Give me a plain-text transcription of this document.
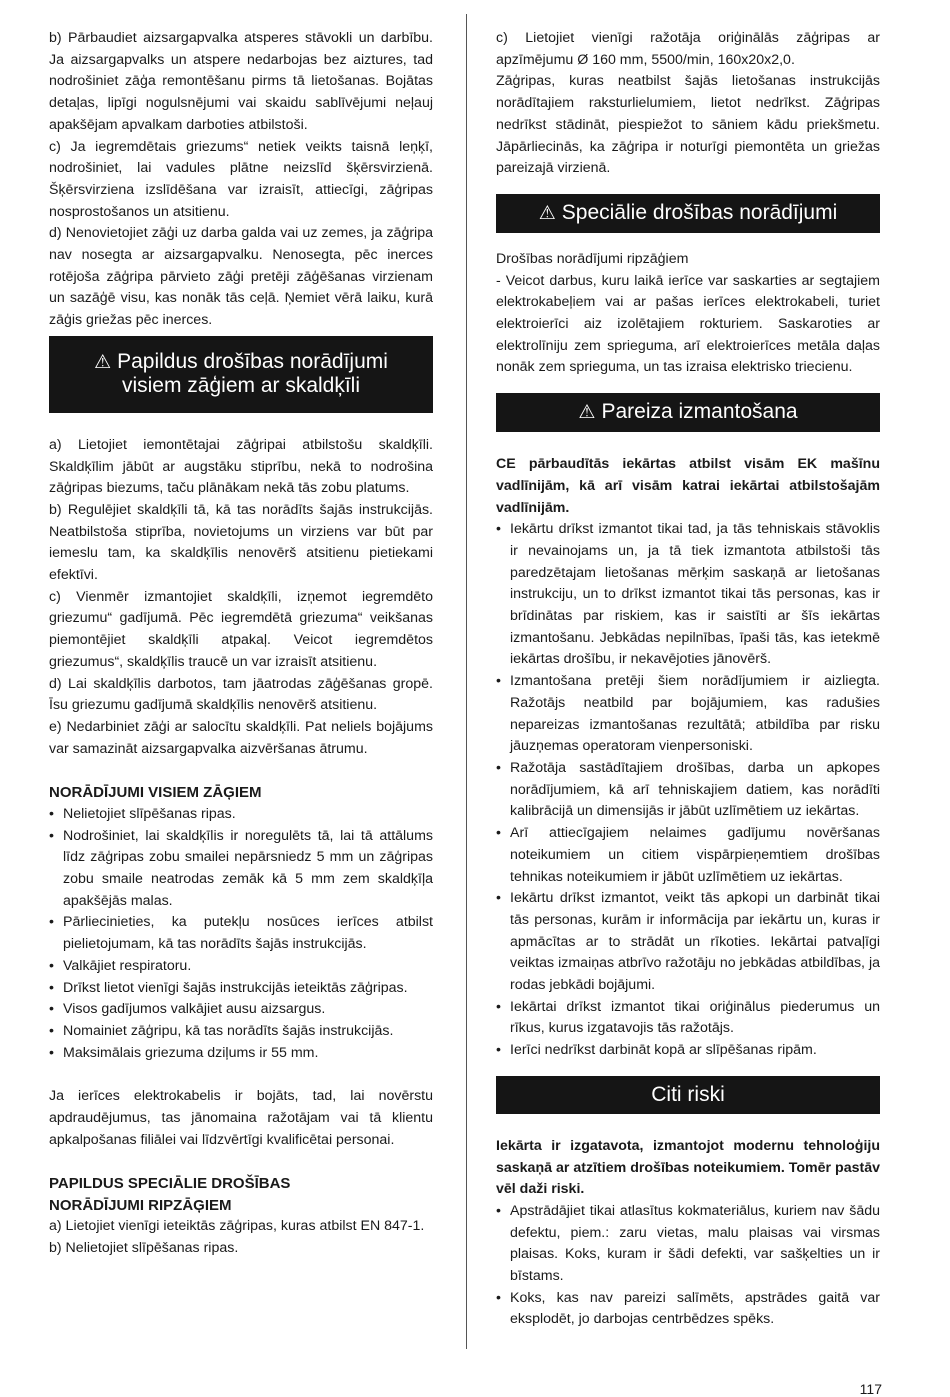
b) Pārbaudiet aizsargapvalka atsperes stāvokli un darbību. Ja aizsargapvalks un atspere nedarbojas bez aiztures, tad nodrošiniet zāģa remontēšanu pirms tā lietošanas. Bojātas detaļas, lipīgi nogulsnējumi vai skaidu sablīvējumi neļauj apakšējam apvalkam darboties atbilstoši.

c) Ja iegremdētais griezums“ netiek veikts taisnā leņķī, nodrošiniet, lai vadules plātne neizslīd šķērsvirzienā. Šķērsvirziena izslīdēšana var izraisīt, attiecīgi, zāģripas nosprostošanos un atsitienu.

d) Nenovietojiet zāģi uz darba galda vai uz zemes, ja zāģripa nav nosegta ar aizsargapvalku. Nenosegta, pēc inerces rotējoša zāģripa pārvieto zāģi pretēji zāģēšanas virzienam un sazāģē visu, kas nonāk tās ceļā. Ņemiet vērā laiku, kurā zāģis griežas pēc inerces.

⚠ Papildus drošības norādījumi
visiem zāģiem ar skaldķīli

a) Lietojiet iemontētajai zāģripai atbilstošu skaldķīli. Skaldķīlim jābūt ar augstāku stiprību, nekā to nodrošina zāģripas biezums, taču plānākam nekā tās zobu platums.

b) Regulējiet skaldķīli tā, kā tas norādīts šajās instrukcijās. Neatbilstoša stiprība, novietojums un virziens var būt par iemeslu tam, ka skaldķīlis nenovērš atsitienu pietiekami efektīvi.

c) Vienmēr izmantojiet skaldķīli, izņemot iegremdēto griezumu“ gadījumā. Pēc iegremdētā griezuma“ veikšanas piemontējiet skaldķīli atpakaļ. Veicot iegremdētos griezumus“, skaldķīlis traucē un var izraisīt atsitienu.

d) Lai skaldķīlis darbotos, tam jāatrodas zāģēšanas gropē. Īsu griezumu gadījumā skaldķīlis nenovērš atsitienu.

e) Nedarbiniet zāģi ar salocītu skaldķīli. Pat neliels bojājums var samazināt aizsargapvalka aizvēršanas ātrumu.

NORĀDĪJUMI VISIEM ZĀĢIEM
• Nelietojiet slīpēšanas ripas.
• Nodrošiniet, lai skaldķīlis ir noregulēts tā, lai tā attālums līdz zāģripas zobu smailei nepārsniedz 5 mm un zāģripas zobu smaile neatrodas zemāk kā 5 mm zem skaldķīļa apakšējās malas.
• Pārliecinieties, ka putekļu nosūces ierīces atbilst pielietojumam, kā tas norādīts šajās instrukcijās.
• Valkājiet respiratoru.
• Drīkst lietot vienīgi šajās instrukcijās ieteiktās zāģripas.
• Visos gadījumos valkājiet ausu aizsargus.
• Nomainiet zāģripu, kā tas norādīts šajās instrukcijās.
• Maksimālais griezuma dziļums ir 55 mm.

Ja ierīces elektrokabelis ir bojāts, tad, lai novērstu apdraudējumus, tas jānomaina ražotājam vai tā klientu apkalpošanas filiālei vai līdzvērtīgi kvalificētai personai.

PAPILDUS SPECIĀLIE DROŠĪBAS
NORĀDĪJUMI RIPZĀĢIEM

a) Lietojiet vienīgi ieteiktās zāģripas, kuras atbilst EN 847-1.

b) Nelietojiet slīpēšanas ripas.

c) Lietojiet vienīgi ražotāja oriģinālās zāģripas ar apzīmējumu Ø 160 mm, 5500/min, 160x20x2,0.

Zāģripas, kuras neatbilst šajās lietošanas instrukcijās norādītajiem raksturlielumiem, lietot nedrīkst. Zāģripas nedrīkst stādināt, piespiežot to sāniem kādu priekšmetu. Jāpārliecinās, ka zāģripa ir noturīgi piemontēta un griežas pareizajā virzienā.

⚠ Speciālie drošības norādījumi

Drošības norādījumi ripzāģiem

- Veicot darbus, kuru laikā ierīce var saskarties ar segtajiem elektrokabeļiem vai ar pašas ierīces elektrokabeli, turiet elektroierīci aiz izolētajiem rokturiem. Saskaroties ar elektrolīniju zem sprieguma, arī elektroierīces metāla daļas nonāk zem sprieguma, un tas izraisa elektrisko triecienu.

⚠ Pareiza izmantošana

CE pārbaudītās iekārtas atbilst visām EK mašīnu vadlīnijām, kā arī visām katrai iekārtai atbilstošajām vadlīnijām.

• Iekārtu drīkst izmantot tikai tad, ja tās tehniskais stāvoklis ir nevainojams un, ja tā tiek izmantota atbilstoši tās paredzētajam lietošanas mērķim saskaņā ar lietošanas instrukciju, un to drīkst izmantot tikai tās personas, kas ir brīdinātas par riskiem, kas ir saistīti ar šīs iekārtas izmantošanu. Jebkādas nepilnības, īpaši tās, kas ietekmē iekārtas drošību, ir nekavējoties jānovērš.
• Izmantošana pretēji šiem norādījumiem ir aizliegta. Ražotājs neatbild par bojājumiem, kas radušies nepareizas izmantošanas rezultātā; atbildība par risku jāuzņemas operatoram vienpersoniski.
• Ražotāja sastādītajiem drošības, darba un apkopes norādījumiem, kā arī tehniskajiem datiem, kas norādīti kalibrācijā un dimensijās ir jābūt uzlīmētiem uz iekārtas.
• Arī attiecīgajiem nelaimes gadījumu novēršanas noteikumiem un citiem vispārpieņemtiem drošības tehnikas noteikumiem ir jābūt uzlīmētiem uz iekārtas.
• Iekārtu drīkst izmantot, veikt tās apkopi un darbināt tikai tās personas, kurām ir informācija par iekārtu un, kuras ir apmācītas ar to strādāt un rīkoties. Iekārtai patvaļīgi veiktas izmaiņas atbrīvo ražotāju no jebkādas atbildības, ja rodas jebkādi bojājumi.
• Iekārtai drīkst izmantot tikai oriģinālus piederumus un rīkus, kurus izgatavojis tās ražotājs.
• Ierīci nedrīkst darbināt kopā ar slīpēšanas ripām.
Citi riski

Iekārta ir izgatavota, izmantojot modernu tehnoloģiju saskaņā ar atzītiem drošības noteikumiem. Tomēr pastāv vēl daži riski.

• Apstrādājiet tikai atlasītus kokmateriālus, kuriem nav šādu defektu, piem.: zaru vietas, malu plaisas vai virsmas plaisas. Koks, kuram ir šādi defekti, var sašķelties un ir bīstams.
• Koks, kas nav pareizi salīmēts, apstrādes gaitā var eksplodēt, jo darbojas centrbēdzes spēks.
117
